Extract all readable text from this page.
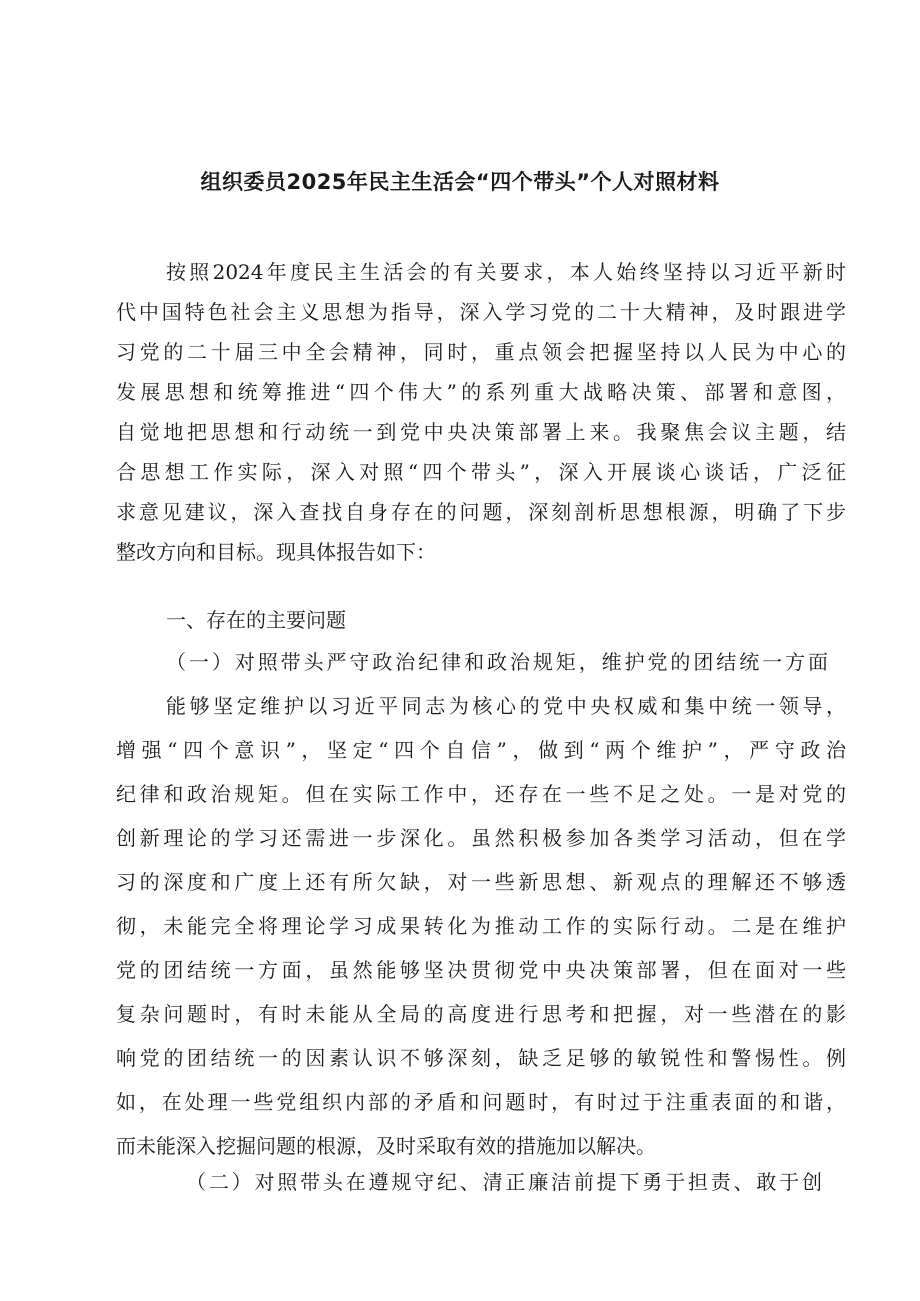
组织委员2025年民主生活会“四个带头”个人对照材料
按照2024年度民主生活会的有关要求，本人始终坚持以习近平新时
代中国特色社会主义思想为指导，深入学习党的二十大精神，及时跟进学
习党的二十届三中全会精神，同时，重点领会把握坚持以人民为中心的
发展思想和统筹推进“四个伟大”的系列重大战略决策、部署和意图，
自觉地把思想和行动统一到党中央决策部署上来。我聚焦会议主题，结
合思想工作实际，深入对照“四个带头”，深入开展谈心谈话，广泛征
求意见建议，深入查找自身存在的问题，深刻剖析思想根源，明确了下步
整改方向和目标。现具体报告如下：
一、存在的主要问题
（一）对照带头严守政治纪律和政治规矩，维护党的团结统一方面
能够坚定维护以习近平同志为核心的党中央权威和集中统一领导，
增强“四个意识”，坚定“四个自信”，做到“两个维护”，严守政治
纪律和政治规矩。但在实际工作中，还存在一些不足之处。一是对党的
创新理论的学习还需进一步深化。虽然积极参加各类学习活动，但在学
习的深度和广度上还有所欠缺，对一些新思想、新观点的理解还不够透
彻，未能完全将理论学习成果转化为推动工作的实际行动。二是在维护
党的团结统一方面，虽然能够坚决贯彻党中央决策部署，但在面对一些
复杂问题时，有时未能从全局的高度进行思考和把握，对一些潜在的影
响党的团结统一的因素认识不够深刻，缺乏足够的敏锐性和警惕性。例
如，在处理一些党组织内部的矛盾和问题时，有时过于注重表面的和谐，
而未能深入挖掘问题的根源，及时采取有效的措施加以解决。
（二）对照带头在遵规守纪、清正廉洁前提下勇于担责、敢于创
